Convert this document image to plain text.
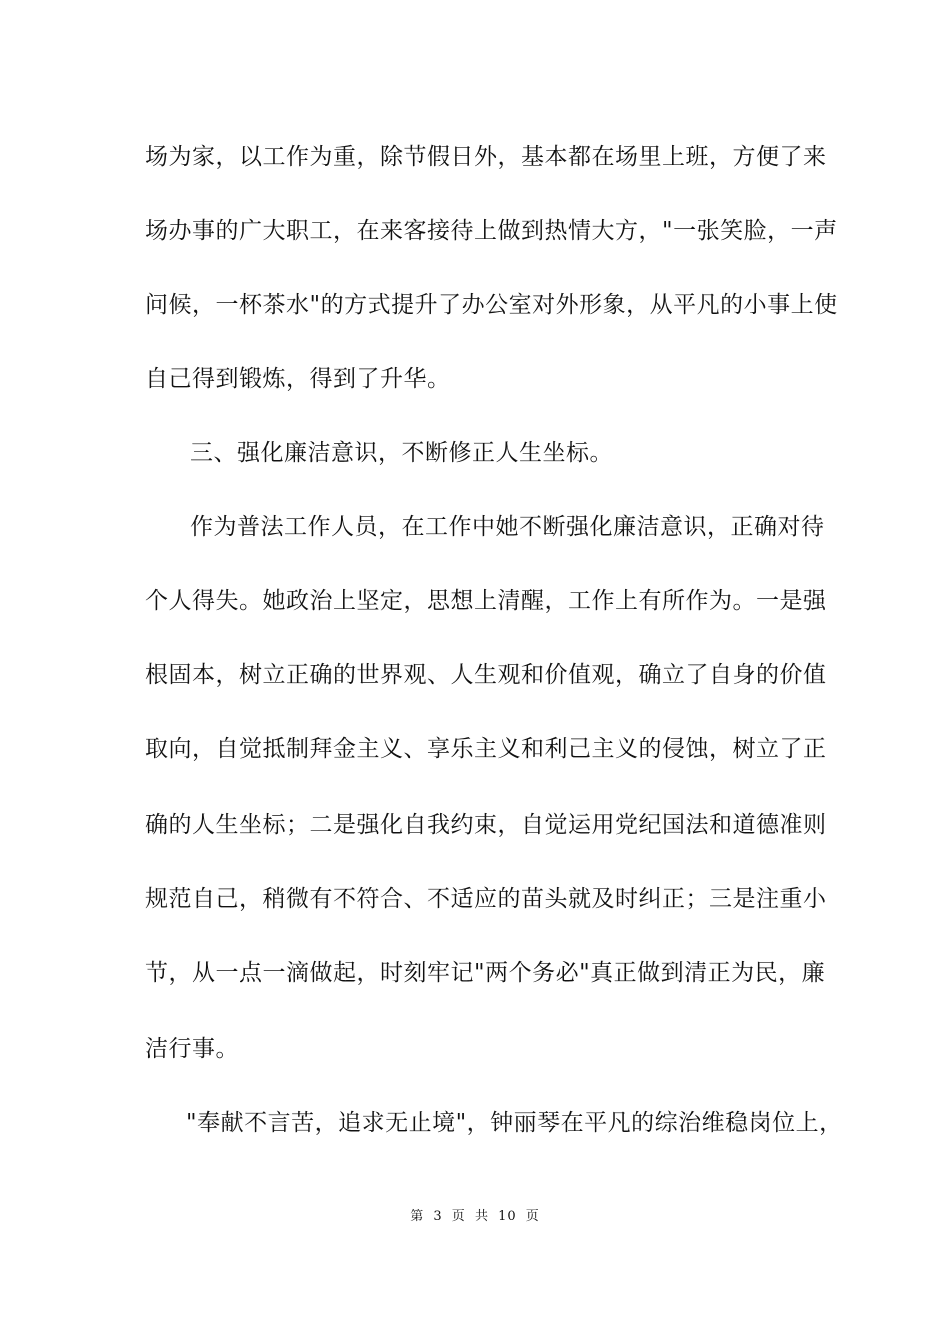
场为家，以工作为重，除节假日外，基本都在场里上班，方便了来
场办事的广大职工，在来客接待上做到热情大方，"一张笑脸，一声
问候，一杯茶水"的方式提升了办公室对外形象，从平凡的小事上使
自己得到锻炼，得到了升华。
三、强化廉洁意识，不断修正人生坐标。
作为普法工作人员，在工作中她不断强化廉洁意识，正确对待
个人得失。她政治上坚定，思想上清醒，工作上有所作为。一是强
根固本，树立正确的世界观、人生观和价值观，确立了自身的价值
取向，自觉抵制拜金主义、享乐主义和利己主义的侵蚀，树立了正
确的人生坐标；二是强化自我约束，自觉运用党纪国法和道德准则
规范自己，稍微有不符合、不适应的苗头就及时纠正；三是注重小
节，从一点一滴做起，时刻牢记"两个务必"真正做到清正为民，廉
洁行事。
"奉献不言苦，追求无止境"，钟丽琴在平凡的综治维稳岗位上，
第 3 页 共 10 页
